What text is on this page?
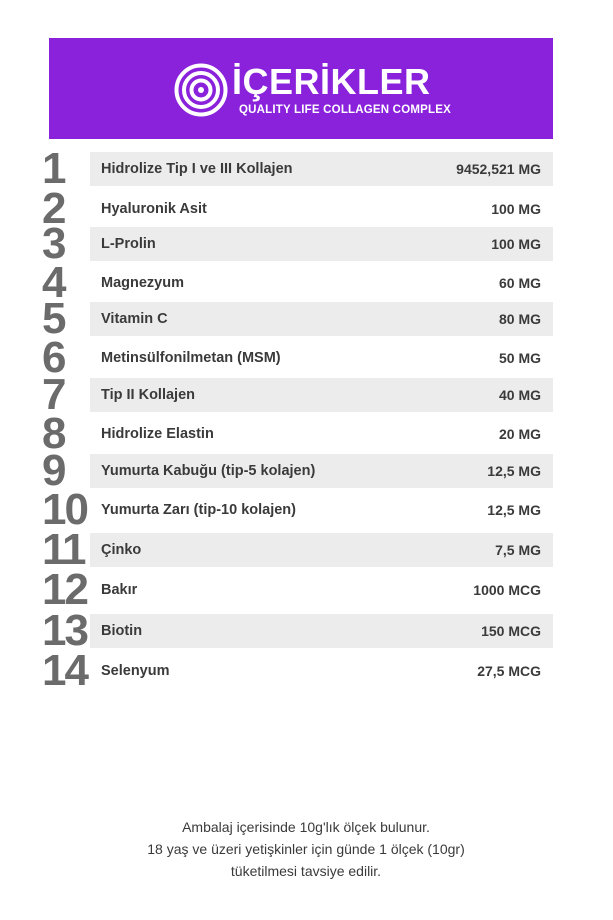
İÇERİKLER
QUALITY LIFE COLLAGEN COMPLEX
1	Hidrolize Tip I ve III Kollajen	9452,521 MG
2	Hyaluronik Asit	100 MG
3	L-Prolin	100 MG
4	Magnezyum	60 MG
5	Vitamin C	80 MG
6	Metinsülfonilmetan (MSM)	50 MG
7	Tip II Kollajen	40 MG
8	Hidrolize Elastin	20 MG
9	Yumurta Kabuğu (tip-5 kolajen)	12,5 MG
10 Yumurta Zarı (tip-10 kolajen)	12,5 MG
11	Çinko	7,5 MG
12 Bakır	1000 MCG
13 Biotin	150 MCG
14 Selenyum	27,5 MCG
Ambalaj içerisinde 10g'lık ölçek bulunur.
18 yaş ve üzeri yetişkinler için günde 1 ölçek (10gr)
tüketilmesi tavsiye edilir.
